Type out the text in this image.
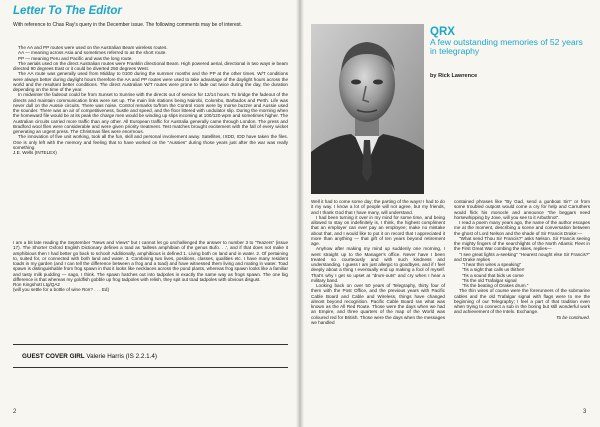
Letter To The Editor

With reference to Chas Ray's query in the December issue. The following comments may be of interest.

The AA and PP routes were used on the Australian Beam wireless routes.

AA — meaning across Asia and sometimes referred to as the short route.

PP — meaning Peru and Pacific and was the long route.

The aerials used on the direct Australian routes were Franklin directional Beam. High powered aerial, directional in two ways ie beam directed 90 degrees East or it could be diverted 250 degrees West.

The AA route was generally used from Midday to 0100 during the summer months and the PP at the other times. W/T conditions were always better during daylight hours therefore the AA and PP routes were used to take advantage of the daylight hours across the world and the resultant better conditions. The direct Australian W/T routes were prone to fade out twice during the day, the duration depending on the time of the year.

In midwinter the fadeout could be from Sunset to Sunrise with the directs out of service for 12/14 hours. To bridge the fadeout of the directs and maintain communication links were set up. The main link stations being Nairobi, Colombo, Barbados and Perth. Life was never dull on the Aussie circuits. There was noise. Control remarks to/from the Control room were by morse buzzer and Aussie used the sounder. There was an air of competitiveness, bustle and speed, and the floor littered with undulator slip. During the morning when the homeward file would be at its peak the charge men would be winding up slips incoming at 100/120 wpm and sometimes higher. The Australian circuits carried more traffic than any other. All European traffic for Australia generally came through London. The press and Bradford wool files were considerable and were given priority treatment. Test matches brought excitement with the fall of every wicket generating an urgent press. The Christmas files were enormous.

The innovation of five unit working, took all the fun, skill and personal involvement away. Satellites, IXDD, IDD have taken the files. One is only left with the memory and feeling that to have worked on the "Aussies" during those years just after the war was really something.

J.E. Wells (INTELEX)

I am a bit late reading the September "News and Views" but I cannot let go unchallenged the answer to number 3 to "Teazers" (issue 17). The Shorter Oxford English Dictionary defines a toad as 'tailless amphibian of the genus Bufo. . .', and if that does not make it amphibious then I had better go back to school! Additionally, amphibious is defined 1. Living both on land and in water. 2. Of pertaining to, suited for, or connected with both land and water. 3. Combining two lives, positions, classes, qualities etc. I have many resident toads in my garden (and I can tell the difference between a frog and a toad) and have witnessed them living and mating in water. Toad spawn is distinguishable from frog spawn in that it looks like necklaces across the pond plants, whereas frog spawn looks like a familiar and tasty milk pudding — sago, I think. The spawn hatches out into tadpoles in exactly the same way as frogs spawn. The one big difference is that whereas my goldfish gobble up frog tadpoles with relish, they spit out toad tadpoles with obvious disgust.

Ron Kingshott Ltg/QA2

(will you settle for a bottle of wine Ron? . . . Ed)

GUEST COVER GIRL Valerie Harris (IS 2.2.1.4)
2
QRX
A few outstanding memories of 52 years in telegraphy
by Rick Lawrence

Well it had to come some day; the parting of the ways! I had to do it my way. I know a lot of people will not agree, but my friends, and I thank God that I have many, will understand.

I had been turning it over in my mind for some time, and being allowed to stay on indefinitely is, I think, the highest compliment that an employer can ever pay an employee; make no mistake about that, and I would like to put it on record that I appreciated it more than anything — that gift of ten years beyond retirement age.

Anyhow after making my mind up suddenly one morning, I went straight up to the Manager's office. Never have I been treated so courteously and with such kindness and understanding. I guess I am just allergic to goodbyes, and if I feel deeply about a thing I eventually end up making a fool of myself. That's why I get so upset at "drum-outs" and cry when I hear a military band.

Looking back on over 50 years of Telegraphy, thirty four of them with the Post Office, and the previous years with Pacific Cable Board and Cable and Wireless, things have changed almost beyond recognition. Pacific Cable Board ran what was known as the All Red Route. Those were the days when we had an Empire, and three quarters of the map of the World was coloured red for British. Those were the days when the messages we handled

contained phrases like "By Gad, send a gunboat Sir!" or from some troubled outpost would come a cry for help and Carruthers would flick his monocle and announce "the beggars need horsewhipping by Jove, will you see to it Arbuthnot".

I read a poem many years ago, the name of the author escapes me at the moment, describing a scene and conversation between the ghost of Lord Nelson and the shade of Sir Francis Drake:—

"What send Thou Sir Francis?" asks Nelson. Sir Francis seeing the mighty fingers of the searchlights of the North Atlantic Fleet in the First Great War combing the skies, replies—

"I see great lights a-seeking" "Hearest nought else Sir Francis?" and Drake replies

"I hear thin wires a speaking"

'Tis a sight that calls us thither!

'Tis a sound that bids us come

'Tis the old Trafalgar signal

'Tis the beating of Drakes drum."

The thin wires of course were the forerunners of the submarine cables and the old Trafalgar signal with flags were to me the beginning of our Telegraphy; I feel a part of that tradition even when trying to connect a sub in the boring but still wonderful work and achievement of the Intelx. Exchange.

To be continued.

3
